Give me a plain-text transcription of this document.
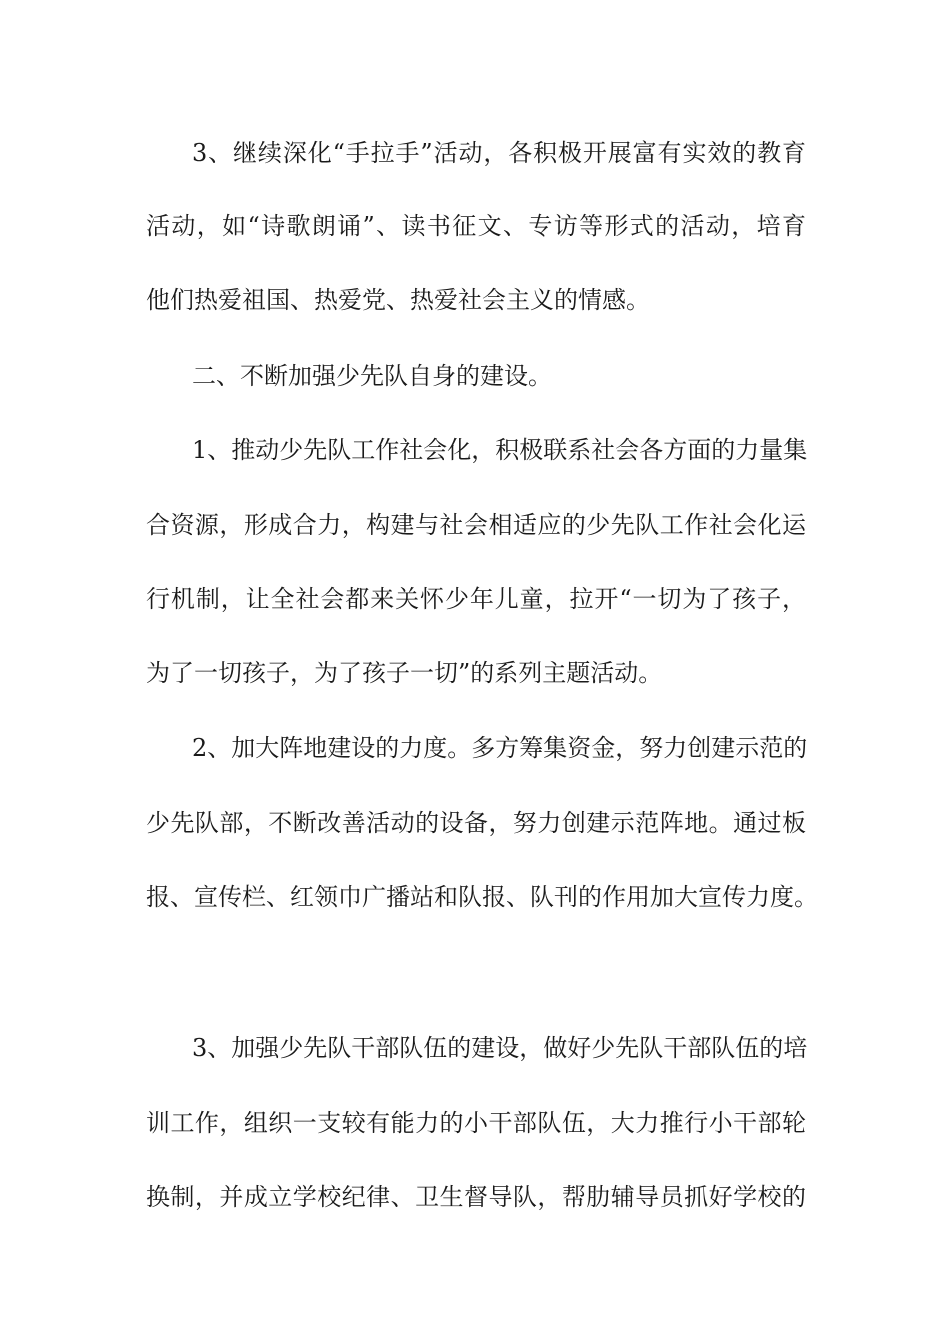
3、继续深化“手拉手”活动，各积极开展富有实效的教育
活动，如“诗歌朗诵”、读书征文、专访等形式的活动，培育
他们热爱祖国、热爱党、热爱社会主义的情感。
二、不断加强少先队自身的建设。
1、推动少先队工作社会化，积极联系社会各方面的力量集
合资源，形成合力，构建与社会相适应的少先队工作社会化运
行机制，让全社会都来关怀少年儿童，拉开“一切为了孩子，
为了一切孩子，为了孩子一切”的系列主题活动。
2、加大阵地建设的力度。多方筹集资金，努力创建示范的
少先队部，不断改善活动的设备，努力创建示范阵地。通过板
报、宣传栏、红领巾广播站和队报、队刊的作用加大宣传力度。
3、加强少先队干部队伍的建设，做好少先队干部队伍的培
训工作，组织一支较有能力的小干部队伍，大力推行小干部轮
换制，并成立学校纪律、卫生督导队，帮肋辅导员抓好学校的
